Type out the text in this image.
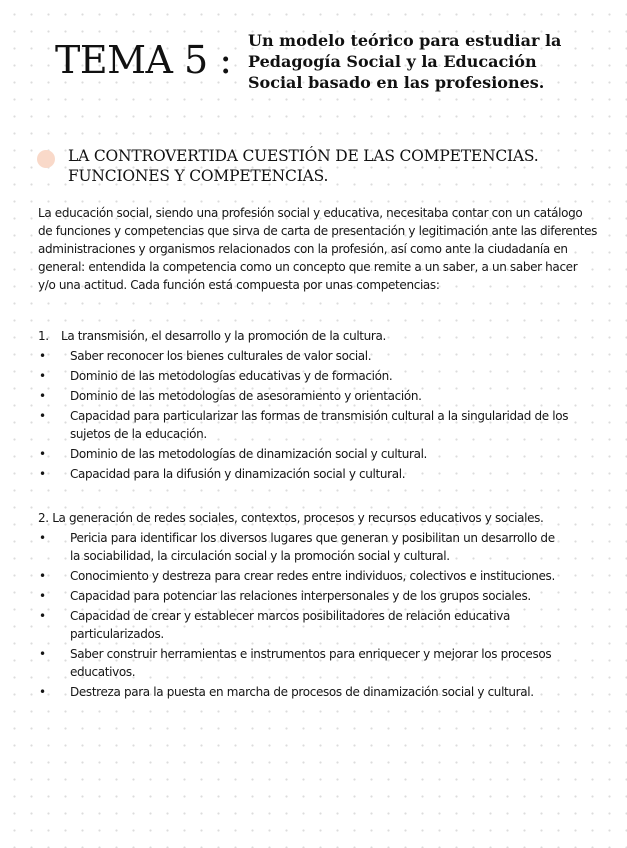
TEMA 5 : Un modelo teórico para estudiar la Pedagogía Social y la Educación Social basado en las profesiones.
LA CONTROVERTIDA CUESTIÓN DE LAS COMPETENCIAS. FUNCIONES Y COMPETENCIAS.

La educación social, siendo una profesión social y educativa, necesitaba contar con un catálogo de funciones y competencias que sirva de carta de presentación y legitimación ante las diferentes administraciones y organismos relacionados con la profesión, así como ante la ciudadanía en general: entendida la competencia como un concepto que remite a un saber, a un saber hacer y/o una actitud. Cada función está compuesta por unas competencias:

1. La transmisión, el desarrollo y la promoción de la cultura.

• Saber reconocer los bienes culturales de valor social.
• Dominio de las metodologías educativas y de formación.
• Dominio de las metodologías de asesoramiento y orientación.
• Capacidad para particularizar las formas de transmisión cultural a la singularidad de los sujetos de la educación.
• Dominio de las metodologías de dinamización social y cultural.
• Capacidad para la difusión y dinamización social y cultural.

2. La generación de redes sociales, contextos, procesos y recursos educativos y sociales.

• Pericia para identificar los diversos lugares que generan y posibilitan un desarrollo de la sociabilidad, la circulación social y la promoción social y cultural.
• Conocimiento y destreza para crear redes entre individuos, colectivos e instituciones.
• Capacidad para potenciar las relaciones interpersonales y de los grupos sociales.
• Capacidad de crear y establecer marcos posibilitadores de relación educativa particularizados.
• Saber construir herramientas e instrumentos para enriquecer y mejorar los procesos educativos.
• Destreza para la puesta en marcha de procesos de dinamización social y cultural.
